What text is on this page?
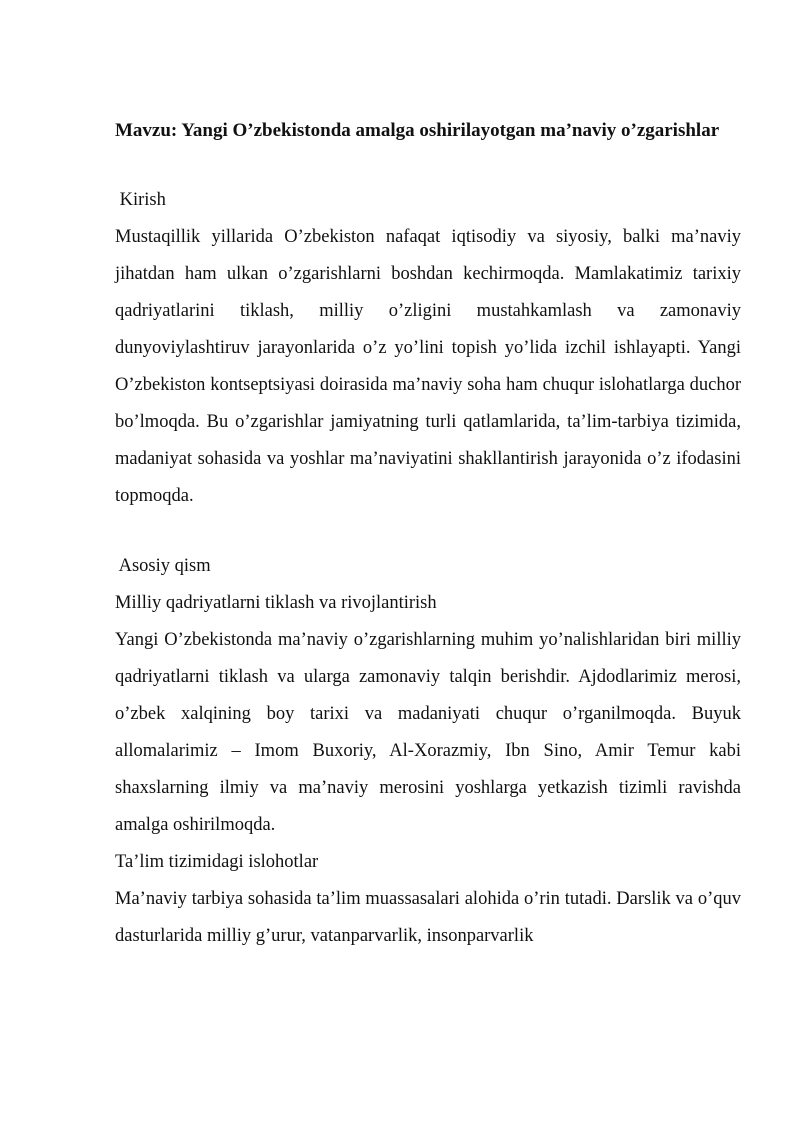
Mavzu: Yangi O’zbekistonda amalga oshirilayotgan ma’naviy o’zgarishlar

Kirish

Mustaqillik yillarida O’zbekiston nafaqat iqtisodiy va siyosiy, balki ma’naviy jihatdan ham ulkan o’zgarishlarni boshdan kechirmoqda. Mamlakatimiz tarixiy qadriyatlarini tiklash, milliy o’zligini mustahkamlash va zamonaviy dunyoviylashtiruv jarayonlarida o’z yo’lini topish yo’lida izchil ishlayapti. Yangi O’zbekiston kontseptsiyasi doirasida ma’naviy soha ham chuqur islohatlarga duchor bo’lmoqda. Bu o’zgarishlar jamiyatning turli qatlamlarida, ta’lim-tarbiya tizimida, madaniyat sohasida va yoshlar ma’naviyatini shakllantirish jarayonida o’z ifodasini topmoqda.

Asosiy qism

Milliy qadriyatlarni tiklash va rivojlantirish

Yangi O’zbekistonda ma’naviy o’zgarishlarning muhim yo’nalishlaridan biri milliy qadriyatlarni tiklash va ularga zamonaviy talqin berishdir. Ajdodlarimiz merosi, o’zbek xalqining boy tarixi va madaniyati chuqur o’rganilmoqda. Buyuk allomalarimiz – Imom Buxoriy, Al-Xorazmiy, Ibn Sino, Amir Temur kabi shaxslarning ilmiy va ma’naviy merosini yoshlarga yetkazish tizimli ravishda amalga oshirilmoqda.

Ta’lim tizimidagi islohotlar

Ma’naviy tarbiya sohasida ta’lim muassasalari alohida o’rin tutadi. Darslik va o’quv dasturlarida milliy g’urur, vatanparvarlik, insonparvarlik
